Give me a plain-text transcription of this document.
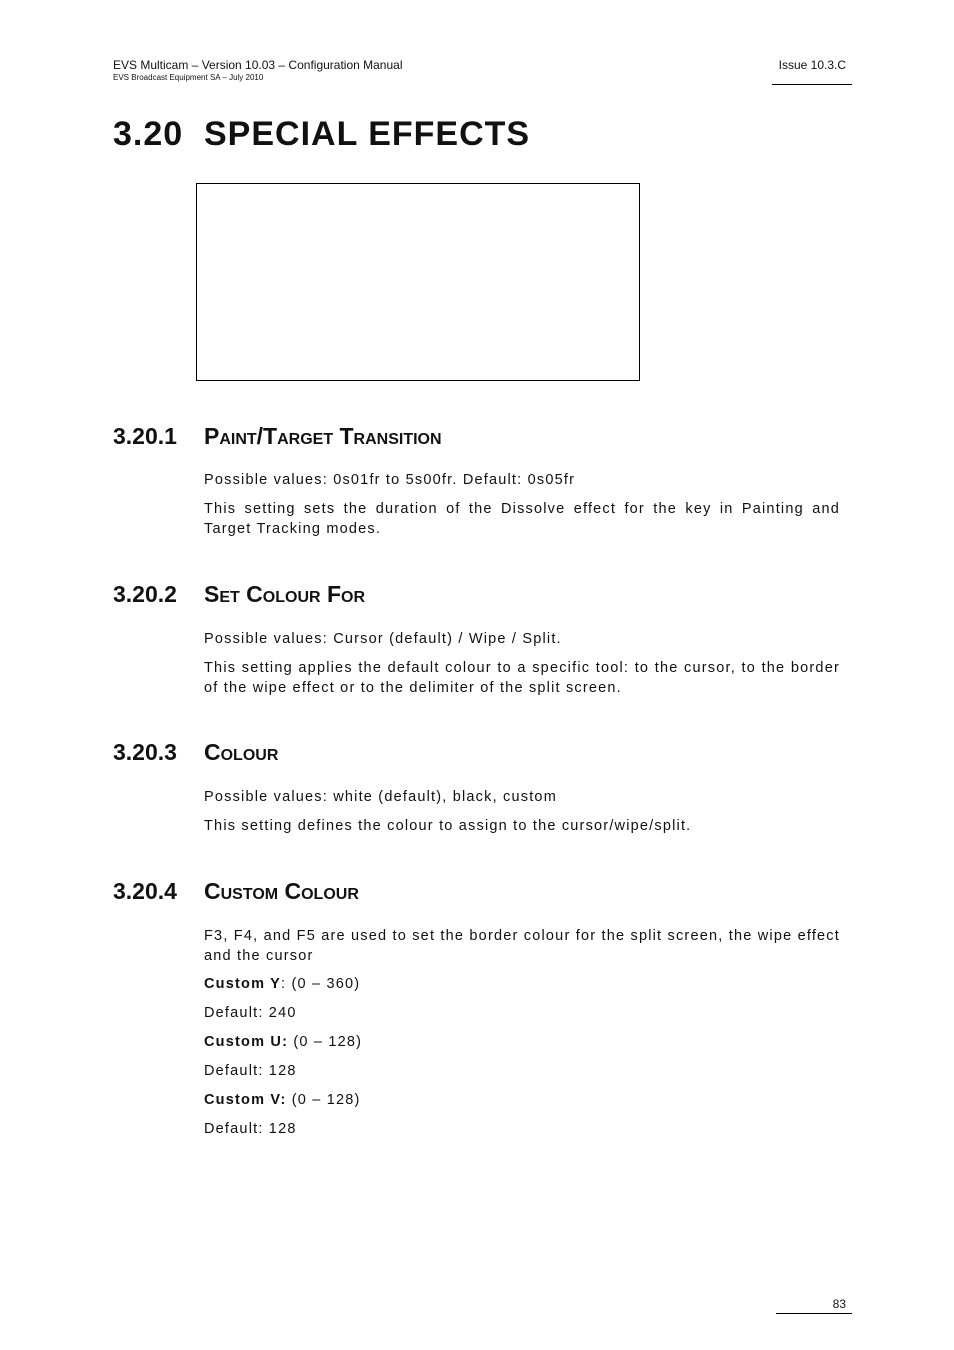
EVS Multicam – Version 10.03 – Configuration Manual
EVS Broadcast Equipment SA – July 2010
Issue 10.3.C
3.20 SPECIAL EFFECTS
3.20.1 Paint/Target Transition

Possible values: 0s01fr to 5s00fr. Default: 0s05fr

This setting sets the duration of the Dissolve effect for the key in Painting and Target Tracking modes.

3.20.2 Set Colour For

Possible values: Cursor (default) / Wipe / Split.

This setting applies the default colour to a specific tool: to the cursor, to the border of the wipe effect or to the delimiter of the split screen.

3.20.3 Colour

Possible values: white (default), black, custom

This setting defines the colour to assign to the cursor/wipe/split.

3.20.4 Custom Colour

F3, F4, and F5 are used to set the border colour for the split screen, the wipe effect and the cursor

Custom Y: (0 – 360)

Default: 240

Custom U: (0 – 128)

Default: 128

Custom V: (0 – 128)

Default: 128

83
